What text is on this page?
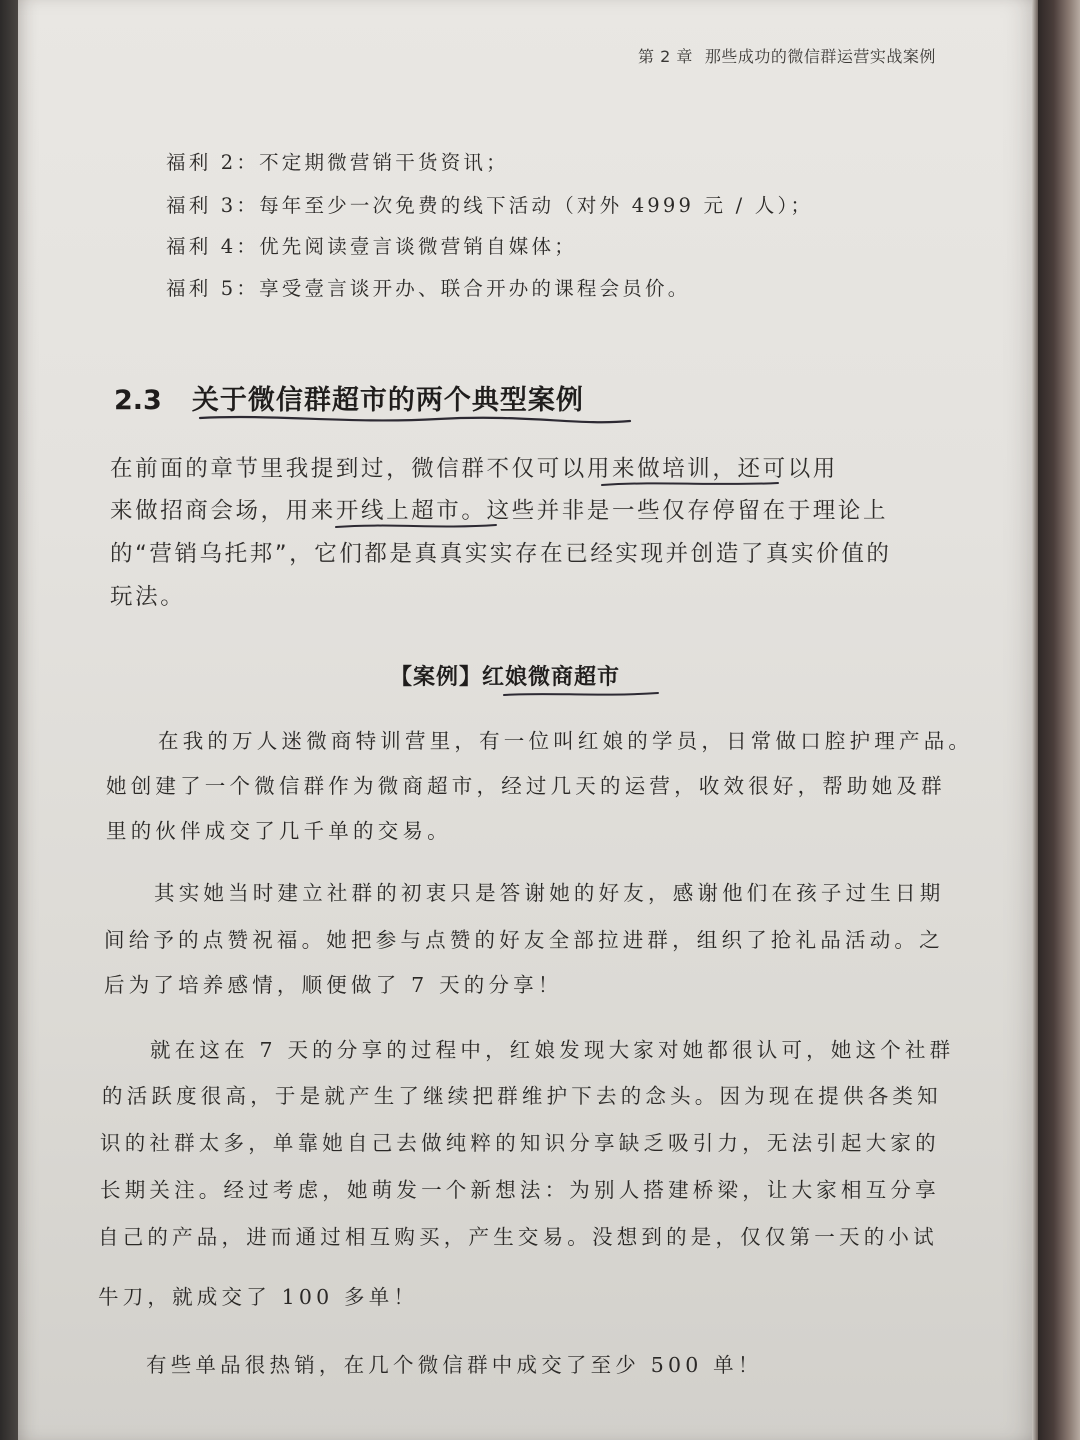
第 2 章 那些成功的微信群运营实战案例
福利 2：不定期微营销干货资讯；
福利 3：每年至少一次免费的线下活动（对外 4999 元 / 人）；
福利 4：优先阅读壹言谈微营销自媒体；
福利 5：享受壹言谈开办、联合开办的课程会员价。
2.3 关于微信群超市的两个典型案例
在前面的章节里我提到过，微信群不仅可以用来做培训，还可以用
来做招商会场，用来开线上超市。这些并非是一些仅存停留在于理论上
的“营销乌托邦”，它们都是真真实实存在已经实现并创造了真实价值的
玩法。
【案例】红娘微商超市
在我的万人迷微商特训营里，有一位叫红娘的学员，日常做口腔护理产品。
她创建了一个微信群作为微商超市，经过几天的运营，收效很好，帮助她及群
里的伙伴成交了几千单的交易。
其实她当时建立社群的初衷只是答谢她的好友，感谢他们在孩子过生日期
间给予的点赞祝福。她把参与点赞的好友全部拉进群，组织了抢礼品活动。之
后为了培养感情，顺便做了 7 天的分享！
就在这在 7 天的分享的过程中，红娘发现大家对她都很认可，她这个社群
的活跃度很高，于是就产生了继续把群维护下去的念头。因为现在提供各类知
识的社群太多，单靠她自己去做纯粹的知识分享缺乏吸引力，无法引起大家的
长期关注。经过考虑，她萌发一个新想法：为别人搭建桥梁，让大家相互分享
自己的产品，进而通过相互购买，产生交易。没想到的是，仅仅第一天的小试
牛刀，就成交了 100 多单！
有些单品很热销，在几个微信群中成交了至少 500 单！
